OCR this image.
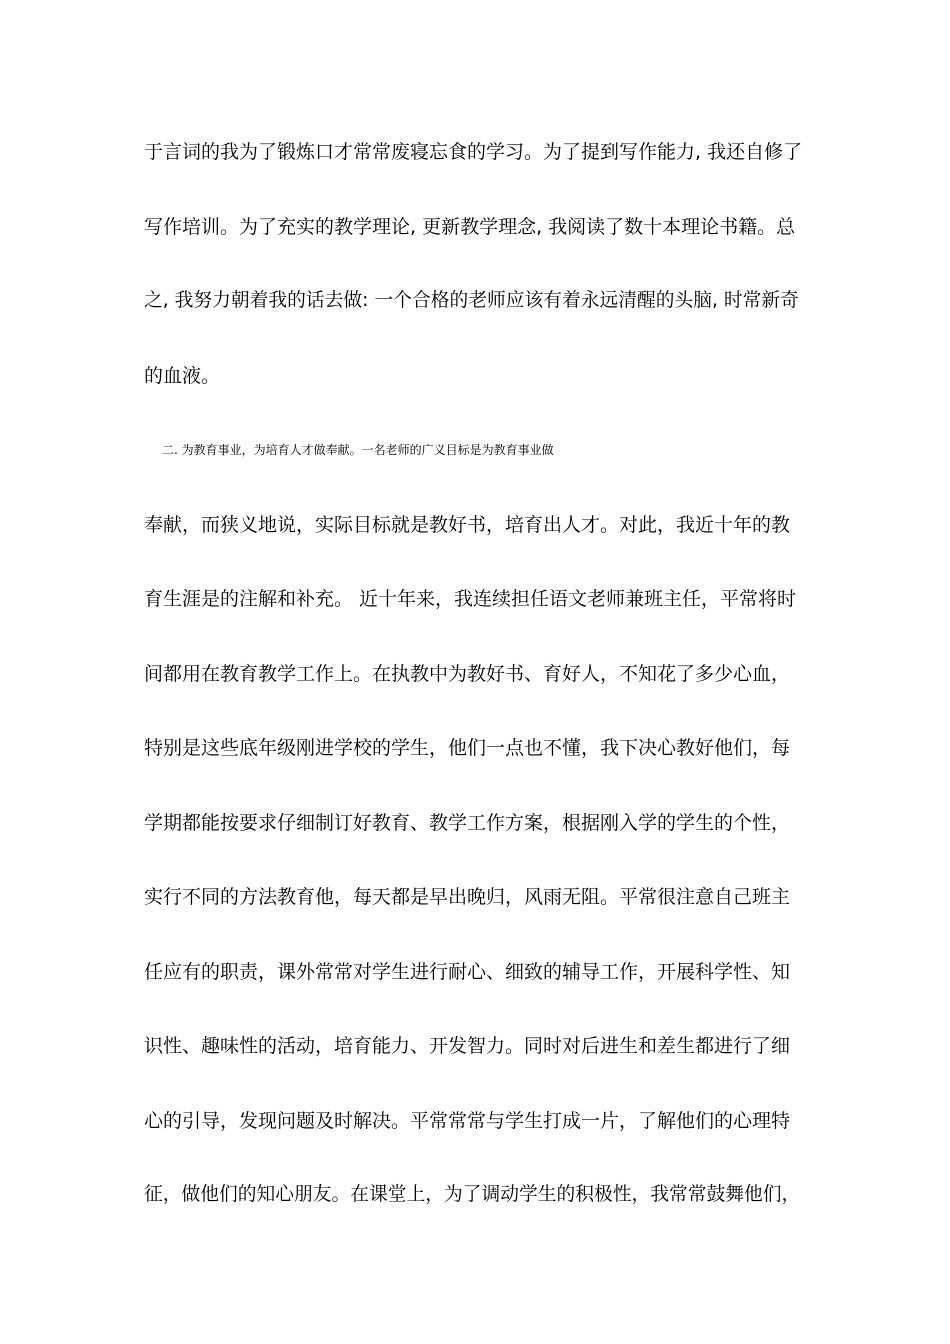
于言词的我为了锻炼口才常常废寝忘食的学习。为了提到写作能力, 我还自修了
写作培训。为了充实的教学理论, 更新教学理念, 我阅读了数十本理论书籍。总
之, 我努力朝着我的话去做: 一个合格的老师应该有着永远清醒的头脑, 时常新奇
的血液。
二. 为教育事业，为培育人才做奉献。一名老师的广义目标是为教育事业做
奉献，而狭义地说，实际目标就是教好书，培育出人才。对此，我近十年的教
育生涯是的注解和补充。 近十年来，我连续担任语文老师兼班主任，平常将时
间都用在教育教学工作上。在执教中为教好书、育好人，不知花了多少心血，
特别是这些底年级刚进学校的学生，他们一点也不懂，我下决心教好他们，每
学期都能按要求仔细制订好教育、教学工作方案，根据刚入学的学生的个性，
实行不同的方法教育他，每天都是早出晚归，风雨无阻。平常很注意自己班主
任应有的职责，课外常常对学生进行耐心、细致的辅导工作，开展科学性、知
识性、趣味性的活动，培育能力、开发智力。同时对后进生和差生都进行了细
心的引导，发现问题及时解决。平常常常与学生打成一片，了解他们的心理特
征，做他们的知心朋友。在课堂上，为了调动学生的积极性，我常常鼓舞他们，
